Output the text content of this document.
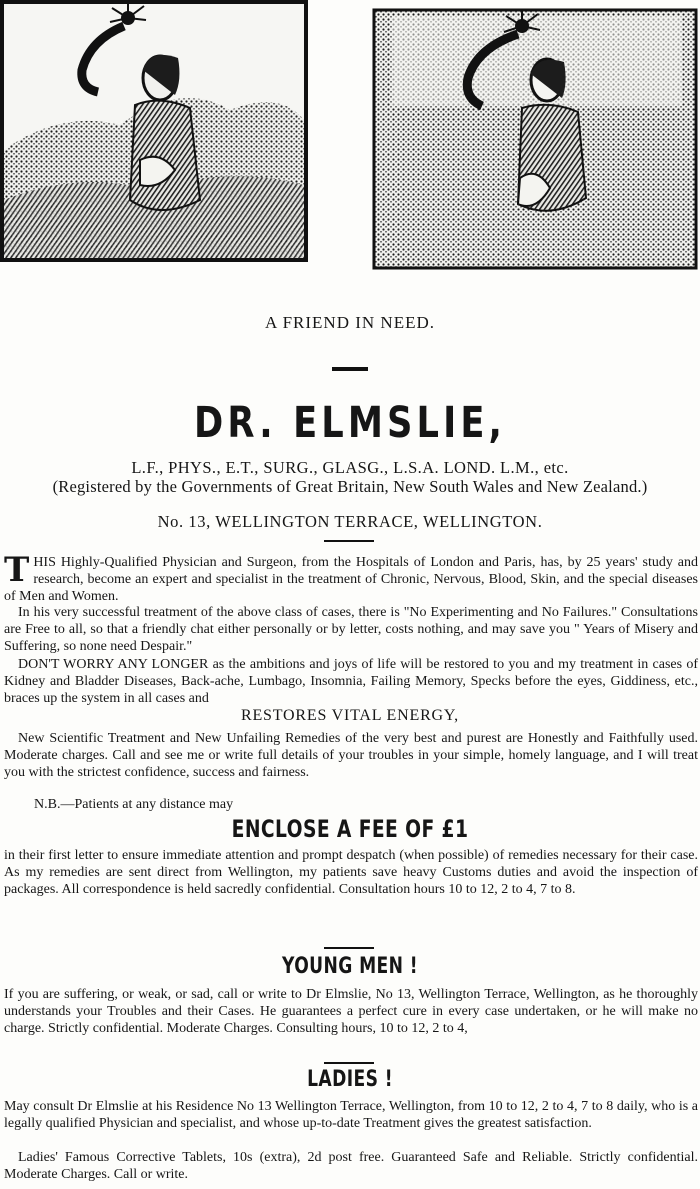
A FRIEND IN NEED.
DR. ELMSLIE,
L.F., PHYS., E.T., SURG., GLASG., L.S.A. LOND. L.M., etc.
(Registered by the Governments of Great Britain, New South Wales and New Zealand.)
No. 13, WELLINGTON TERRACE, WELLINGTON.
THIS Highly-Qualified Physician and Surgeon, from the Hospitals of London and Paris, has, by 25 years' study and research, become an expert and specialist in the treatment of Chronic, Nervous, Blood, Skin, and the special diseases of Men and Women.
In his very successful treatment of the above class of cases, there is "No Experimenting and No Failures." Consultations are Free to all, so that a friendly chat either personally or by letter, costs nothing, and may save you " Years of Misery and Suffering, so none need Despair."
DON'T WORRY ANY LONGER as the ambitions and joys of life will be restored to you and my treatment in cases of Kidney and Bladder Diseases, Back-ache, Lumbago, Insomnia, Failing Memory, Specks before the eyes, Giddiness, etc., braces up the system in all cases and
RESTORES VITAL ENERGY,
New Scientific Treatment and New Unfailing Remedies of the very best and purest are Honestly and Faithfully used. Moderate charges. Call and see me or write full details of your troubles in your simple, homely language, and I will treat you with the strictest confidence, success and fairness.
N.B.—Patients at any distance may
ENCLOSE A FEE OF £1
in their first letter to ensure immediate attention and prompt despatch (when possible) of remedies necessary for their case. As my remedies are sent direct from Wellington, my patients save heavy Customs duties and avoid the inspection of packages. All correspondence is held sacredly confidential. Consultation hours 10 to 12, 2 to 4, 7 to 8.
YOUNG MEN !
If you are suffering, or weak, or sad, call or write to Dr Elmslie, No 13, Wellington Terrace, Wellington, as he thoroughly understands your Troubles and their Cases. He guarantees a perfect cure in every case undertaken, or he will make no charge. Strictly confidential. Moderate Charges. Consulting hours, 10 to 12, 2 to 4,
LADIES !
May consult Dr Elmslie at his Residence No 13 Wellington Terrace, Wellington, from 10 to 12, 2 to 4, 7 to 8 daily, who is a legally qualified Physician and specialist, and whose up-to-date Treatment gives the greatest satisfaction.
Ladies' Famous Corrective Tablets, 10s (extra), 2d post free. Guaranteed Safe and Reliable. Strictly confidential. Moderate Charges. Call or write.
